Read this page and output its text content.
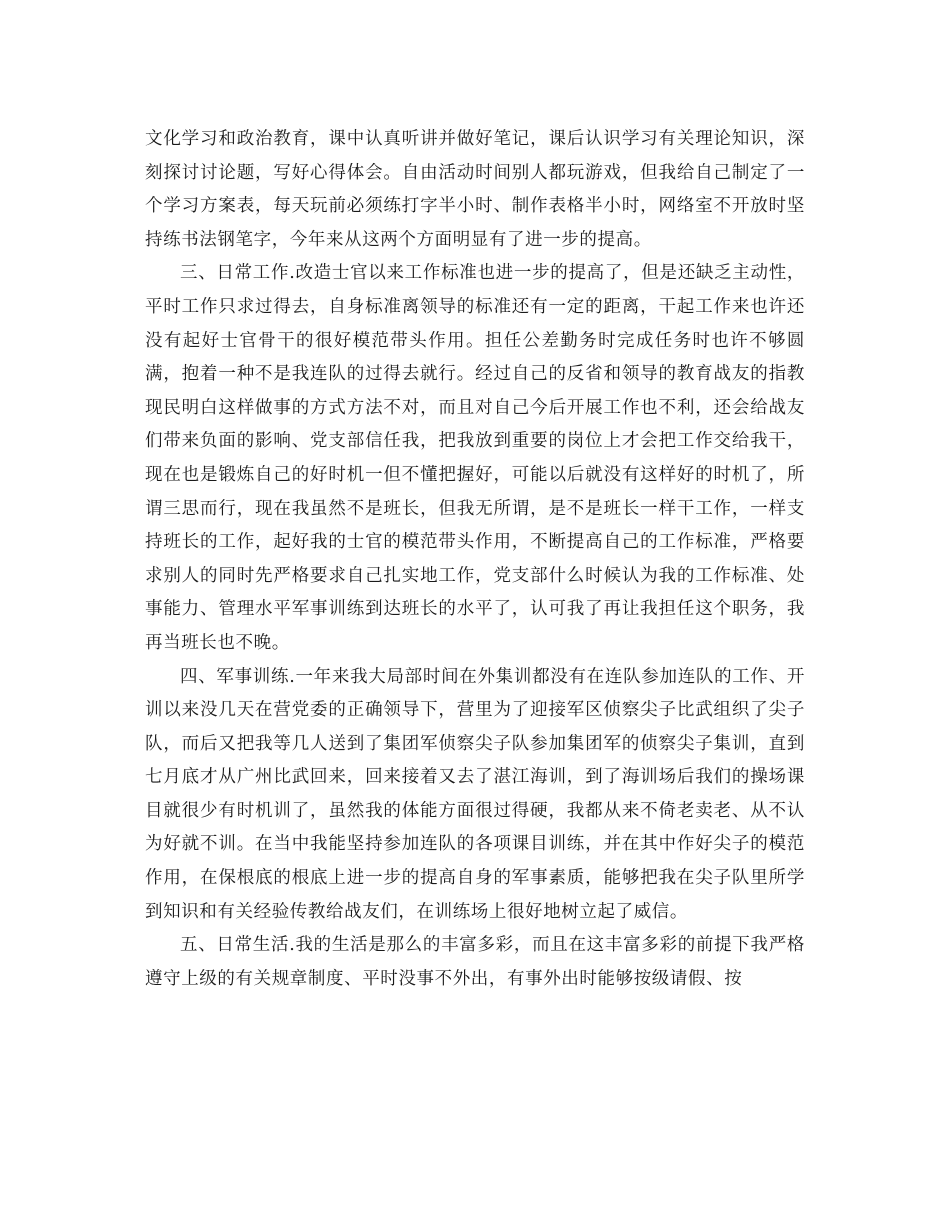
文化学习和政治教育，课中认真听讲并做好笔记，课后认识学习有关理论知识，深刻探讨讨论题，写好心得体会。自由活动时间别人都玩游戏，但我给自己制定了一个学习方案表，每天玩前必须练打字半小时、制作表格半小时，网络室不开放时坚持练书法钢笔字，今年来从这两个方面明显有了进一步的提高。

三、日常工作.改造士官以来工作标准也进一步的提高了，但是还缺乏主动性，平时工作只求过得去，自身标准离领导的标准还有一定的距离，干起工作来也许还没有起好士官骨干的很好模范带头作用。担任公差勤务时完成任务时也许不够圆满，抱着一种不是我连队的过得去就行。经过自己的反省和领导的教育战友的指教现民明白这样做事的方式方法不对，而且对自己今后开展工作也不利，还会给战友们带来负面的影响、党支部信任我，把我放到重要的岗位上才会把工作交给我干，现在也是锻炼自己的好时机一但不懂把握好，可能以后就没有这样好的时机了，所谓三思而行，现在我虽然不是班长，但我无所谓，是不是班长一样干工作，一样支持班长的工作，起好我的士官的模范带头作用，不断提高自己的工作标准，严格要求别人的同时先严格要求自己扎实地工作，党支部什么时候认为我的工作标准、处事能力、管理水平军事训练到达班长的水平了，认可我了再让我担任这个职务，我再当班长也不晚。

四、军事训练.一年来我大局部时间在外集训都没有在连队参加连队的工作、开训以来没几天在营党委的正确领导下，营里为了迎接军区侦察尖子比武组织了尖子队，而后又把我等几人送到了集团军侦察尖子队参加集团军的侦察尖子集训，直到七月底才从广州比武回来，回来接着又去了湛江海训，到了海训场后我们的操场课目就很少有时机训了，虽然我的体能方面很过得硬，我都从来不倚老卖老、从不认为好就不训。在当中我能坚持参加连队的各项课目训练，并在其中作好尖子的模范作用，在保根底的根底上进一步的提高自身的军事素质，能够把我在尖子队里所学到知识和有关经验传教给战友们，在训练场上很好地树立起了威信。

五、日常生活.我的生活是那么的丰富多彩，而且在这丰富多彩的前提下我严格遵守上级的有关规章制度、平时没事不外出，有事外出时能够按级请假、按
